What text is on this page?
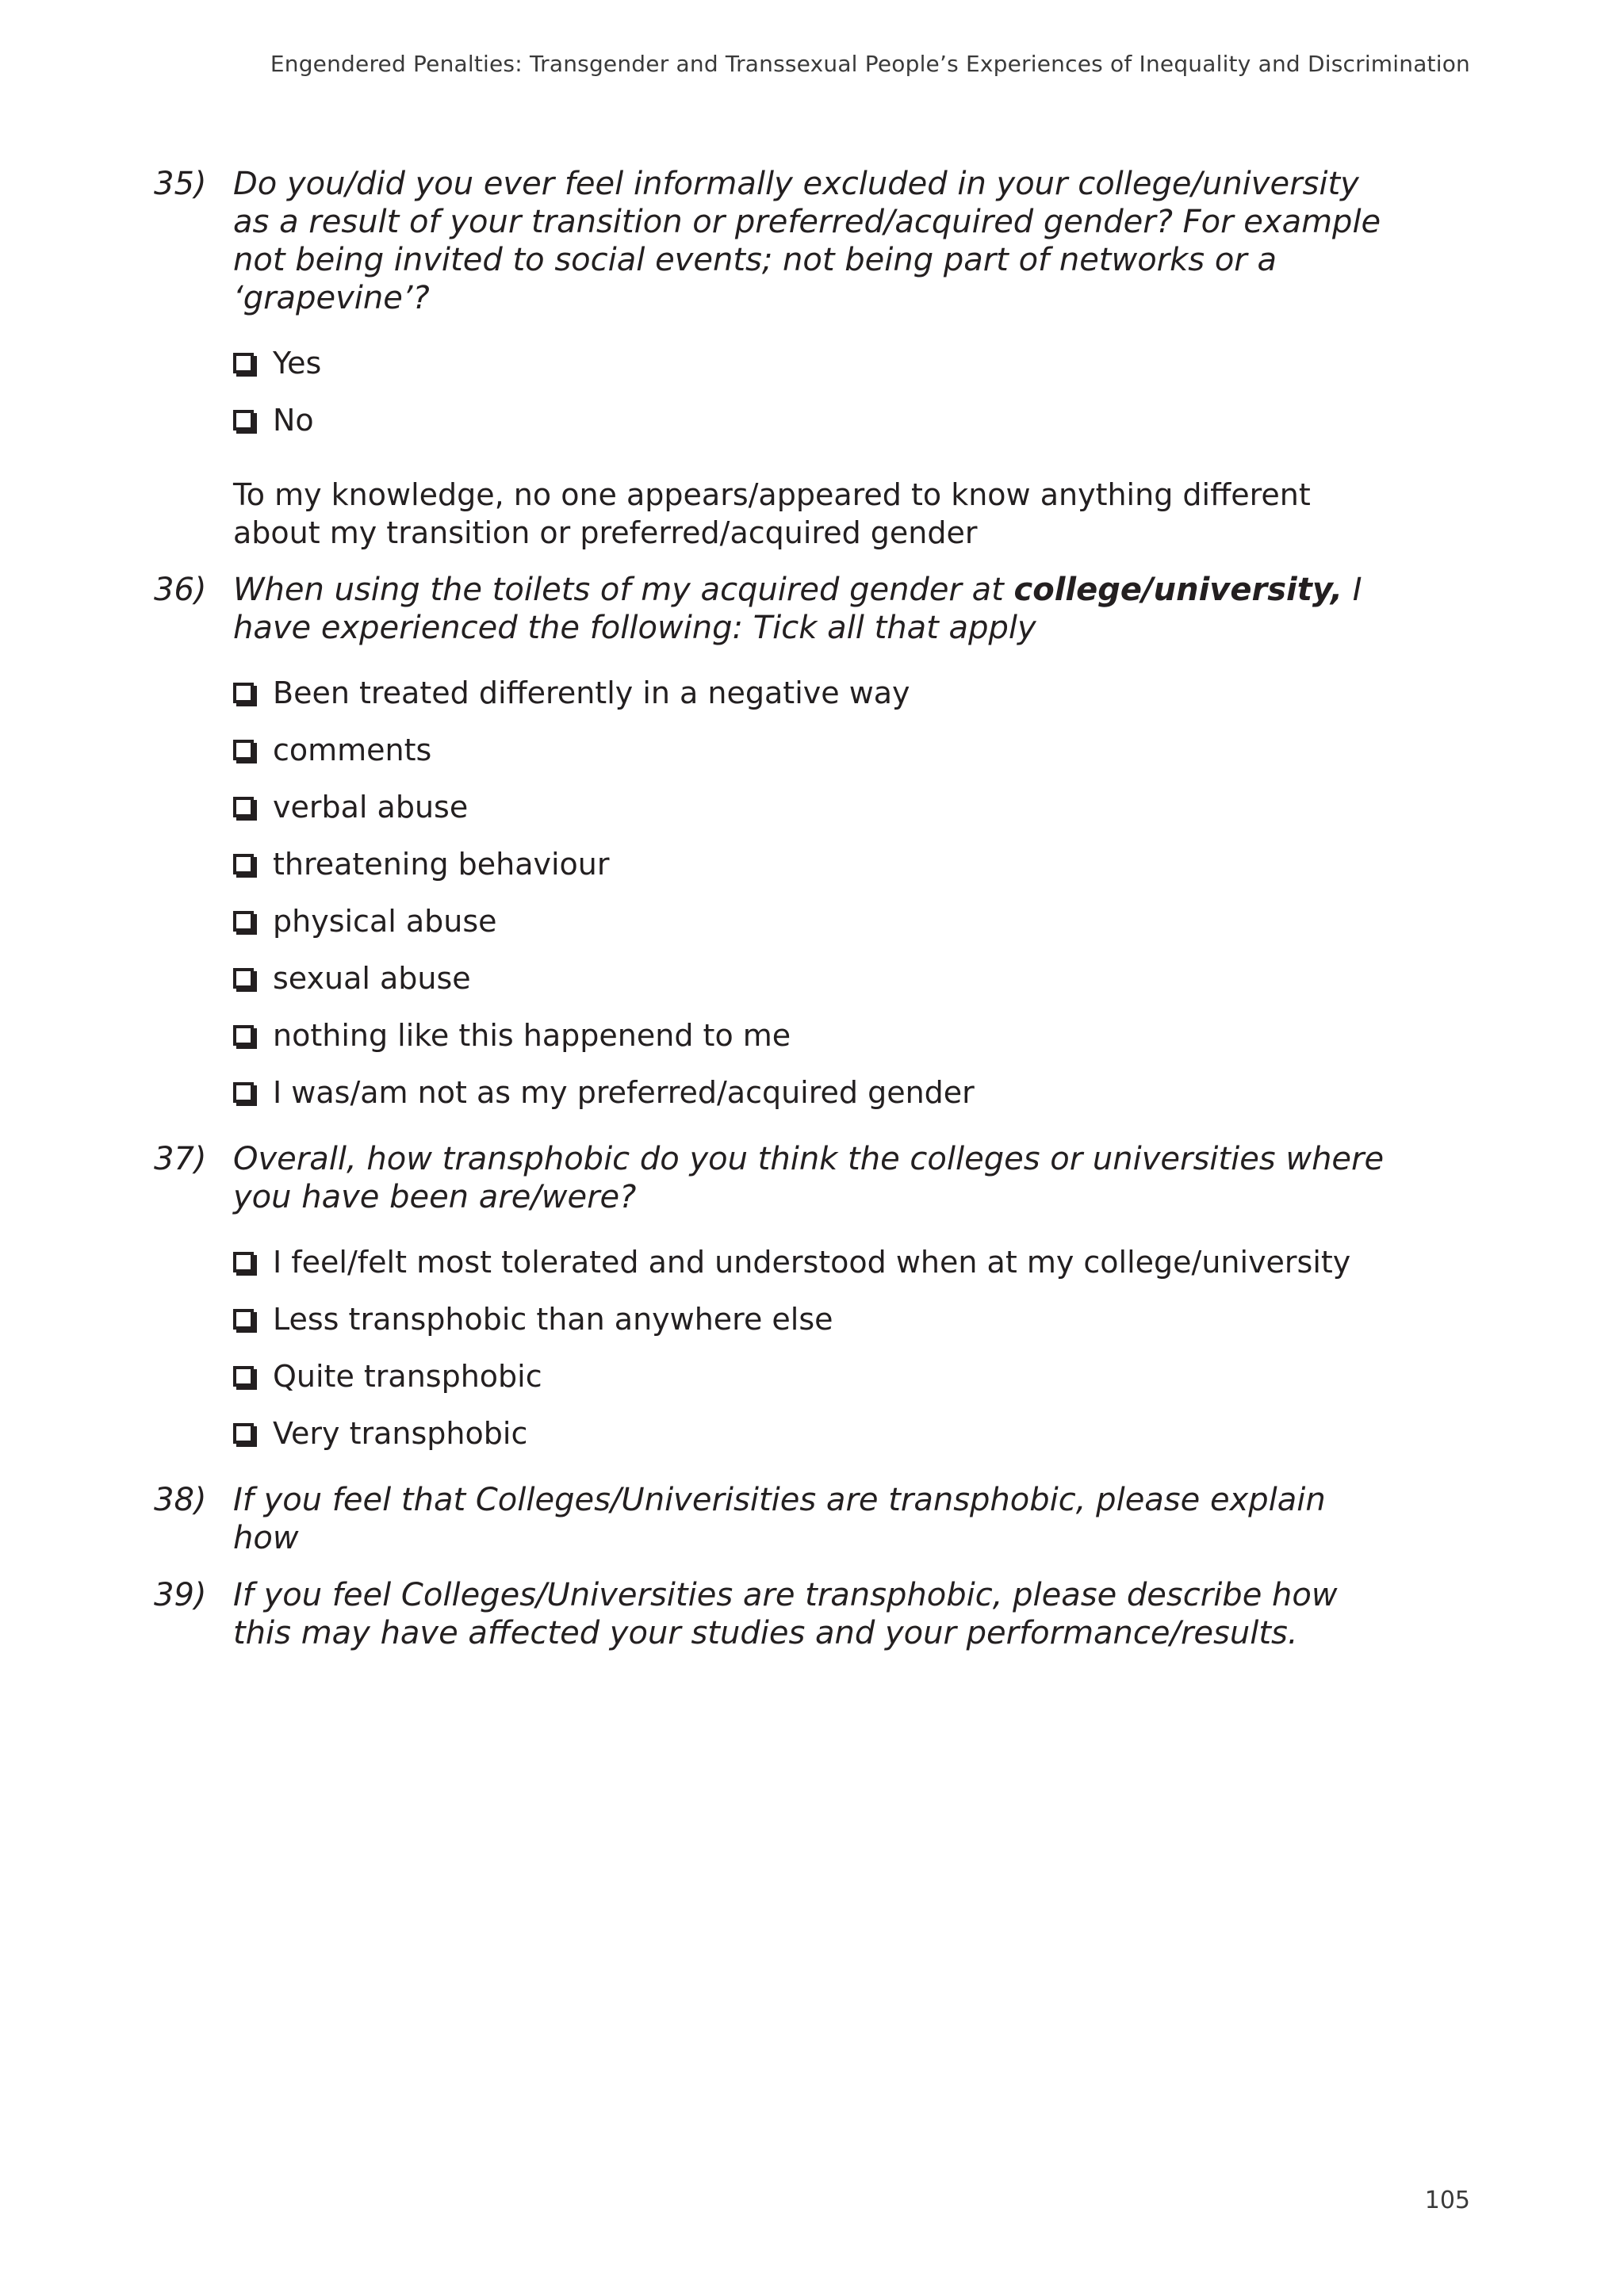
Engendered Penalties: Transgender and Transsexual People’s Experiences of Inequality and Discrimination
35) Do you/did you ever feel informally excluded in your college/university as a result of your transition or preferred/acquired gender? For example not being invited to social events; not being part of networks or a ‘grapevine’?

Yes
No

To my knowledge, no one appears/appeared to know anything different about my transition or preferred/acquired gender

36) When using the toilets of my acquired gender at college/university, I have experienced the following: Tick all that apply

Been treated differently in a negative way
comments
verbal abuse
threatening behaviour
physical abuse
sexual abuse
nothing like this happenend to me
I was/am not as my preferred/acquired gender
37) Overall, how transphobic do you think the colleges or universities where you have been are/were?

I feel/felt most tolerated and understood when at my college/university
Less transphobic than anywhere else
Quite transphobic
Very transphobic
38) If you feel that Colleges/Univerisities are transphobic, please explain how

39) If you feel Colleges/Universities are transphobic, please describe how this may have affected your studies and your performance/results.

105
